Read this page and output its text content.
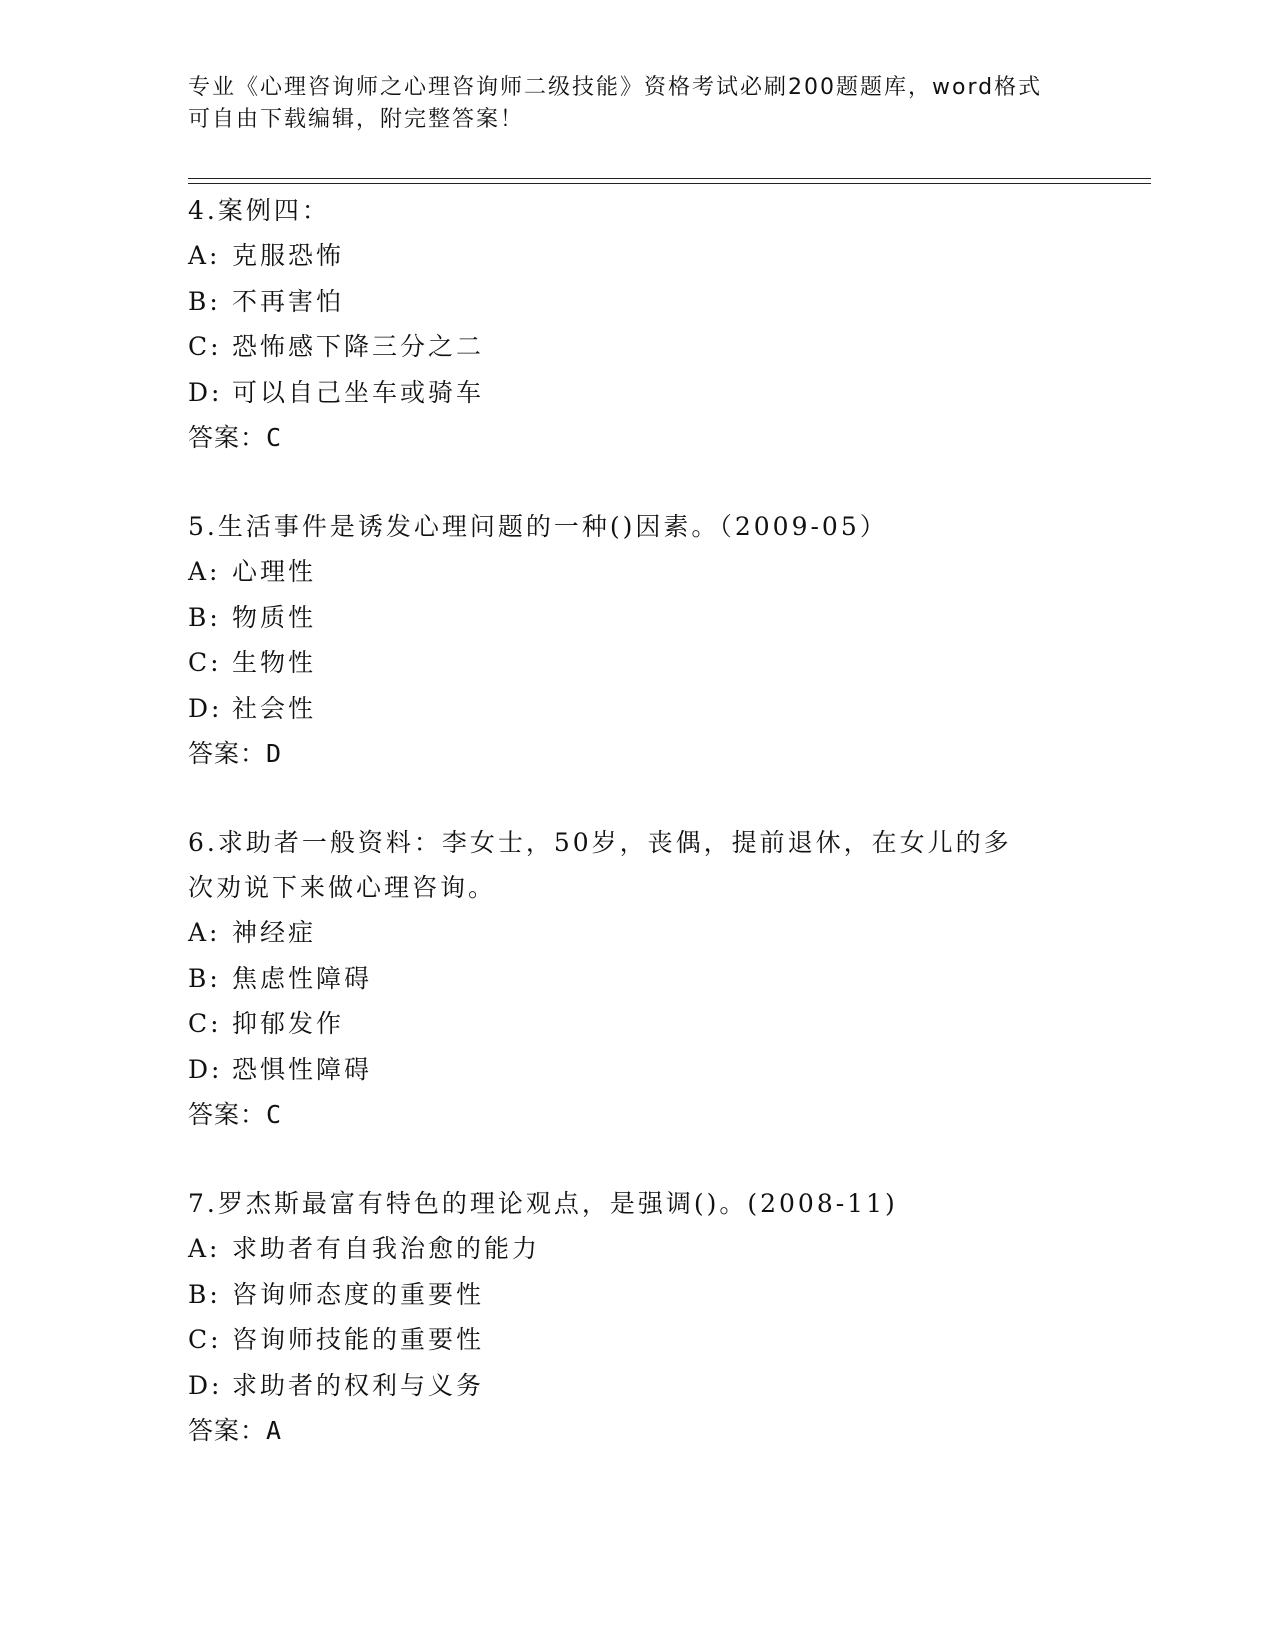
专业《心理咨询师之心理咨询师二级技能》资格考试必刷200题题库，word格式
可自由下载编辑，附完整答案！

4.案例四：

A: 克服恐怖
B: 不再害怕
C: 恐怖感下降三分之二
D: 可以自己坐车或骑车
答案：C

5.生活事件是诱发心理问题的一种()因素。（2009-05）

A: 心理性
B: 物质性
C: 生物性
D: 社会性
答案：D

6.求助者一般资料：李女士，50岁，丧偶，提前退休，在女儿的多次劝说下来做心理咨询。

A: 神经症
B: 焦虑性障碍
C: 抑郁发作
D: 恐惧性障碍
答案：C

7.罗杰斯最富有特色的理论观点，是强调()。(2008-11)

A: 求助者有自我治愈的能力
B: 咨询师态度的重要性
C: 咨询师技能的重要性
D: 求助者的权利与义务
答案：A
